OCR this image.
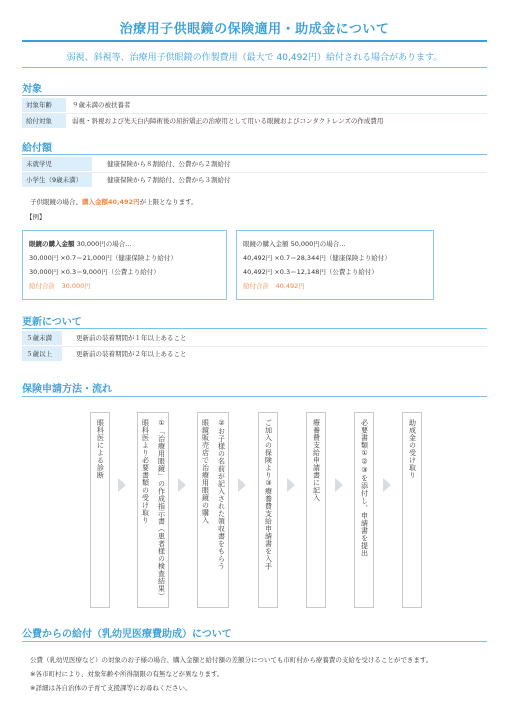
治療用子供眼鏡の保険適用・助成金について
弱視、斜視等、治療用子供眼鏡の作製費用（最大で 40,492円）給付される場合があります。
対象
対象年齢	９歳未満の被扶養者
給付対象	弱視・斜視および先天白内障術後の屈折矯正の治療用として用いる眼鏡およびコンタクトレンズの作成費用
給付額
未就学児	健康保険から８割給付、公費から２割給付
小学生（9歳未満）	健康保険から７割給付、公費から３割給付
子供眼鏡の場合、購入金額40,492円が上限となります。
【例】
眼鏡の購入金額 30,000円の場合…
30,000円 ×0.7＝21,000円（健康保険より給付）
30,000円 ×0.3＝9,000円（公費より給付）
給付合計　30,000円
眼鏡の購入金額 50,000円の場合…
40,492円 ×0.7＝28,344円（健康保険より給付）
40,492円 ×0.3＝12,148円（公費より給付）
給付合計　40,492円
更新について
５歳未満	更新前の装着期間が１年以上あること
５歳以上	更新前の装着期間が２年以上あること
保険申請方法・流れ
眼科医による診断	①「治療用眼鏡」の作成指示書（患者様の検査結果）
眼科医より必要書類の受け取り	②お子様の名前が記入された領収書をもらう
眼鏡販売店で治療用眼鏡の購入	ご加入の保険より③療養費支給申請書を入手	療養費支給申請書に記入	必要書類①②③を添付し、申請書を提出	助成金の受け取り
公費からの給付（乳幼児医療費助成）について
公費（乳幼児医療など）の対象のお子様の場合、購入金額と給付額の差額分についても市町村から療養費の支給を受けることができます。
※各市町村により、対象年齢や所得制限の有無などが異なります。
※詳細は各自治体の子育て支援課等にお尋ねください。
